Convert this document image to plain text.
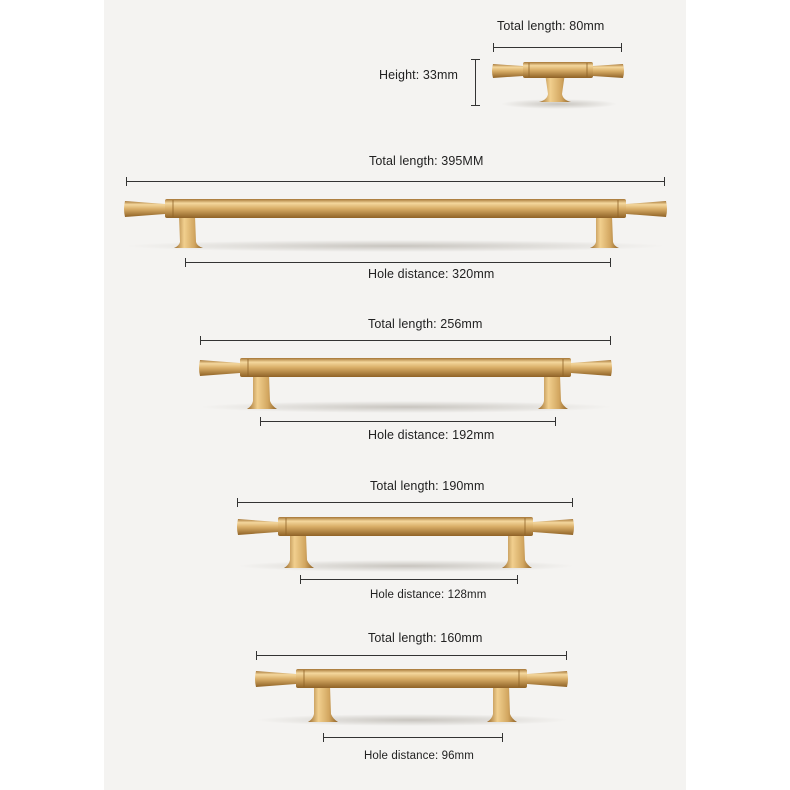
Total length: 80mm
Height: 33mm
Total length: 395MM
Hole distance: 320mm
Total length: 256mm
Hole distance: 192mm
Total length: 190mm
Hole distance: 128mm
Total length: 160mm
Hole distance: 96mm
